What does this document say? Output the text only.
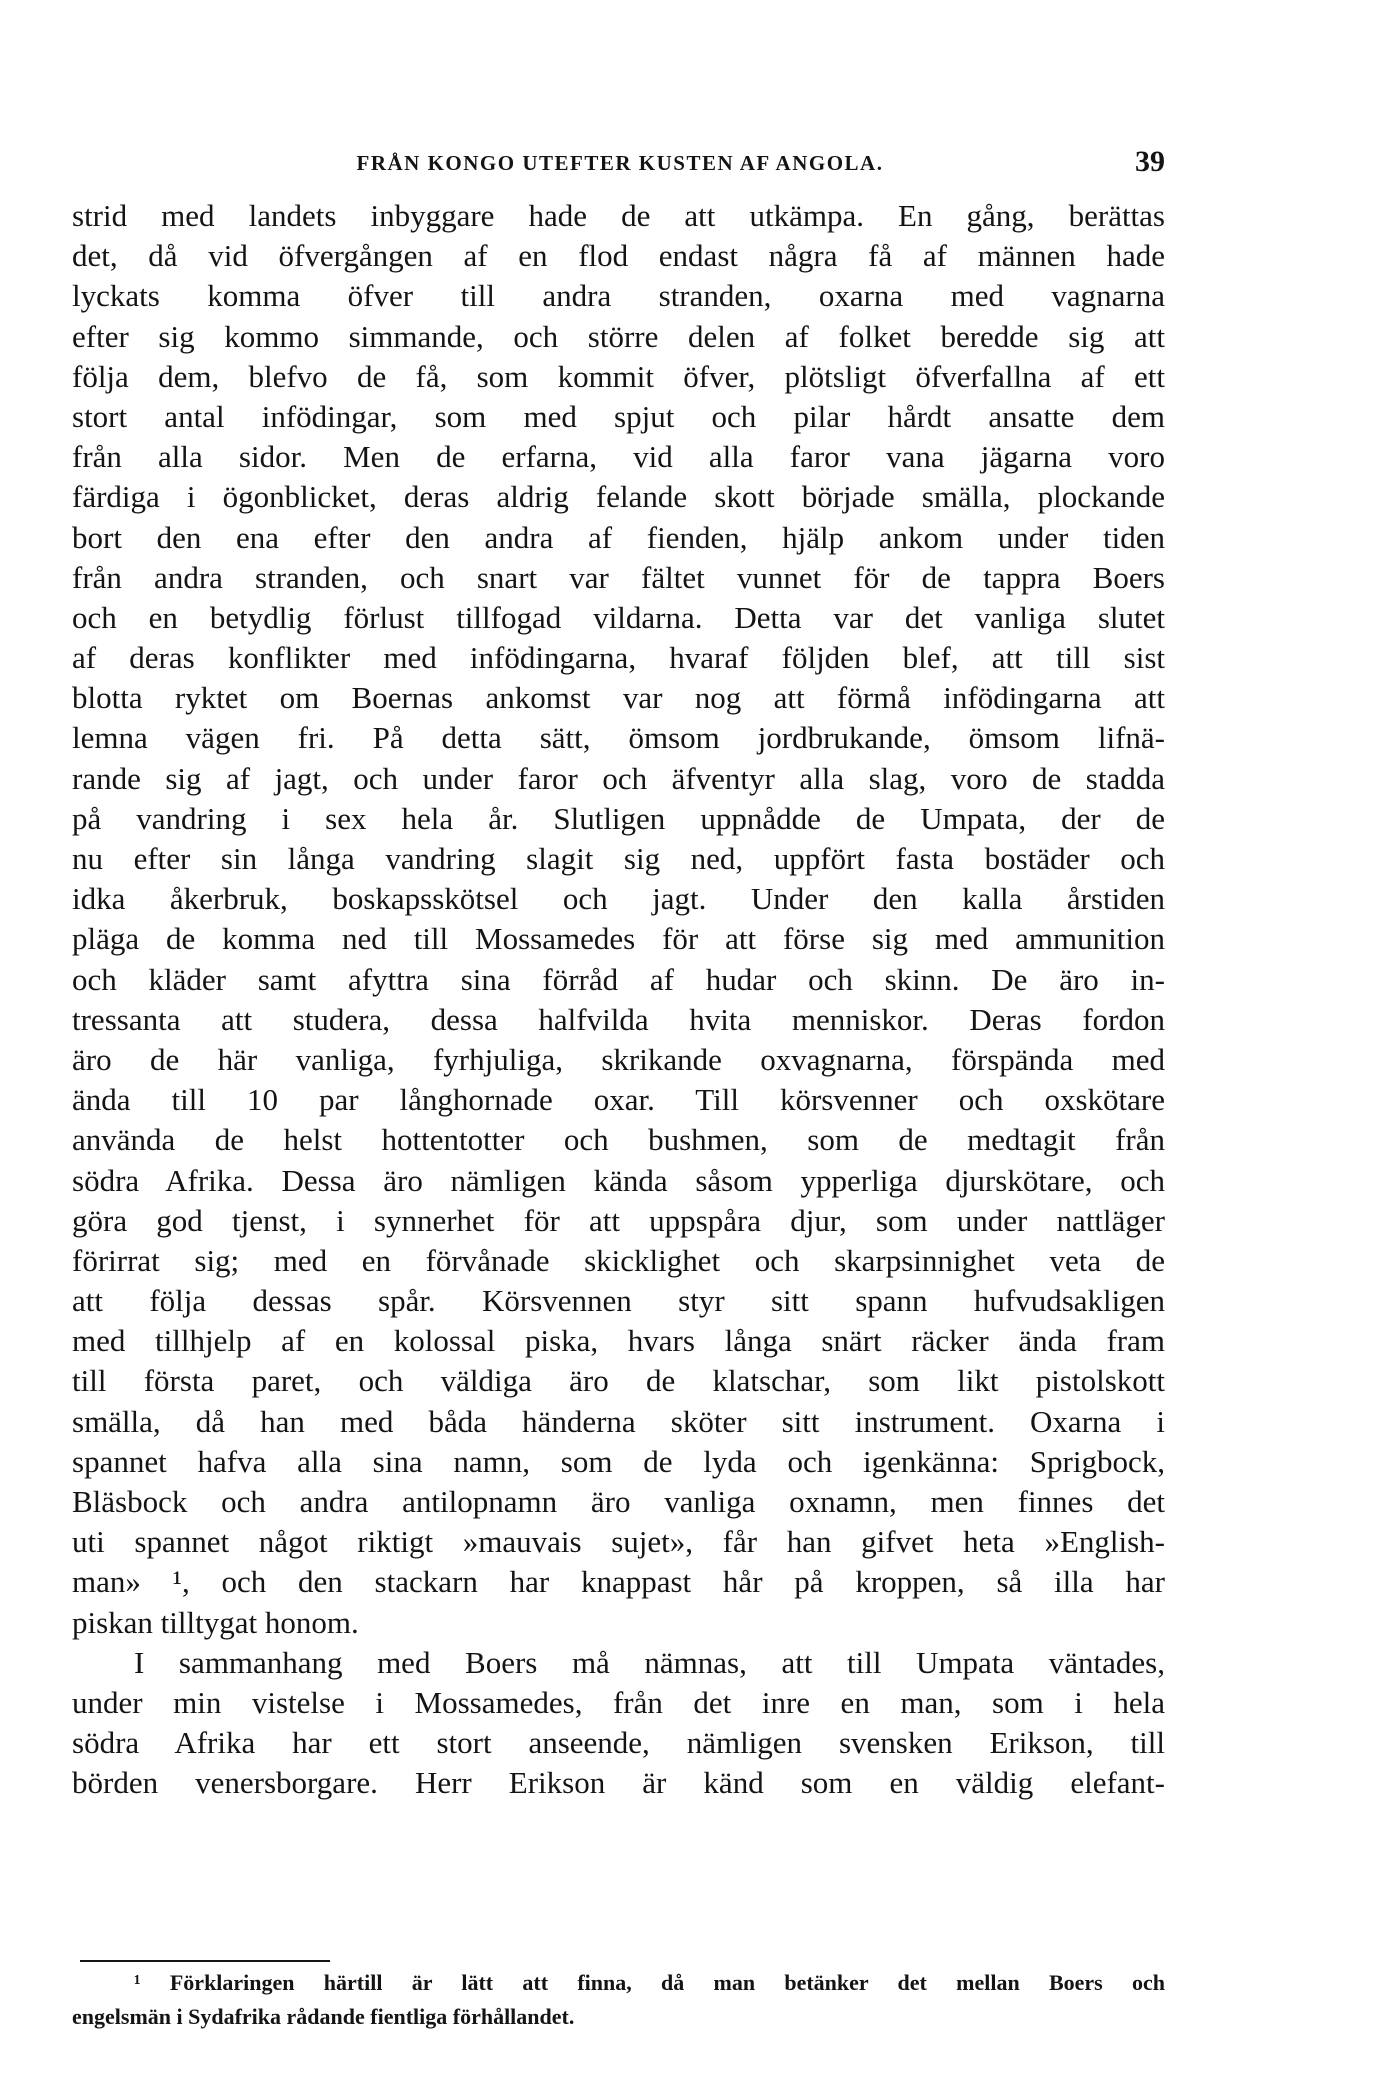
FRÅN KONGO UTEFTER KUSTEN AF ANGOLA.	39
strid med landets inbyggare hade de att utkämpa. En gång, berättas
det, då vid öfvergången af en flod endast några få af männen hade
lyckats komma öfver till andra stranden, oxarna med vagnarna
efter sig kommo simmande, och större delen af folket beredde sig att
följa dem, blefvo de få, som kommit öfver, plötsligt öfverfallna af ett
stort antal infödingar, som med spjut och pilar hårdt ansatte dem
från alla sidor. Men de erfarna, vid alla faror vana jägarna voro
färdiga i ögonblicket, deras aldrig felande skott började smälla, plockande
bort den ena efter den andra af fienden, hjälp ankom under tiden
från andra stranden, och snart var fältet vunnet för de tappra Boers
och en betydlig förlust tillfogad vildarna. Detta var det vanliga slutet
af deras konflikter med infödingarna, hvaraf följden blef, att till sist
blotta ryktet om Boernas ankomst var nog att förmå infödingarna att
lemna vägen fri. På detta sätt, ömsom jordbrukande, ömsom lifnä-
rande sig af jagt, och under faror och äfventyr alla slag, voro de stadda
på vandring i sex hela år. Slutligen uppnådde de Umpata, der de
nu efter sin långa vandring slagit sig ned, uppfört fasta bostäder och
idka åkerbruk, boskapsskötsel och jagt. Under den kalla årstiden
pläga de komma ned till Mossamedes för att förse sig med ammunition
och kläder samt afyttra sina förråd af hudar och skinn. De äro in-
tressanta att studera, dessa halfvilda hvita menniskor. Deras fordon
äro de här vanliga, fyrhjuliga, skrikande oxvagnarna, förspända med
ända till 10 par långhornade oxar. Till körsvenner och oxskötare
använda de helst hottentotter och bushmen, som de medtagit från
södra Afrika. Dessa äro nämligen kända såsom ypperliga djurskötare, och
göra god tjenst, i synnerhet för att uppspåra djur, som under nattläger
förirrat sig; med en förvånade skicklighet och skarpsinnighet veta de
att följa dessas spår. Körsvennen styr sitt spann hufvudsakligen
med tillhjelp af en kolossal piska, hvars långa snärt räcker ända fram
till första paret, och väldiga äro de klatschar, som likt pistolskott
smälla, då han med båda händerna sköter sitt instrument. Oxarna i
spannet hafva alla sina namn, som de lyda och igenkänna: Sprigbock,
Bläsbock och andra antilopnamn äro vanliga oxnamn, men finnes det
uti spannet något riktigt »mauvais sujet», får han gifvet heta »English-
man» ¹, och den stackarn har knappast hår på kroppen, så illa har
piskan tilltygat honom.
I sammanhang med Boers må nämnas, att till Umpata väntades,
under min vistelse i Mossamedes, från det inre en man, som i hela
södra Afrika har ett stort anseende, nämligen svensken Erikson, till
börden venersborgare. Herr Erikson är känd som en väldig elefant-
¹ Förklaringen härtill är lätt att finna, då man betänker det mellan Boers och
engelsmän i Sydafrika rådande fientliga förhållandet.
